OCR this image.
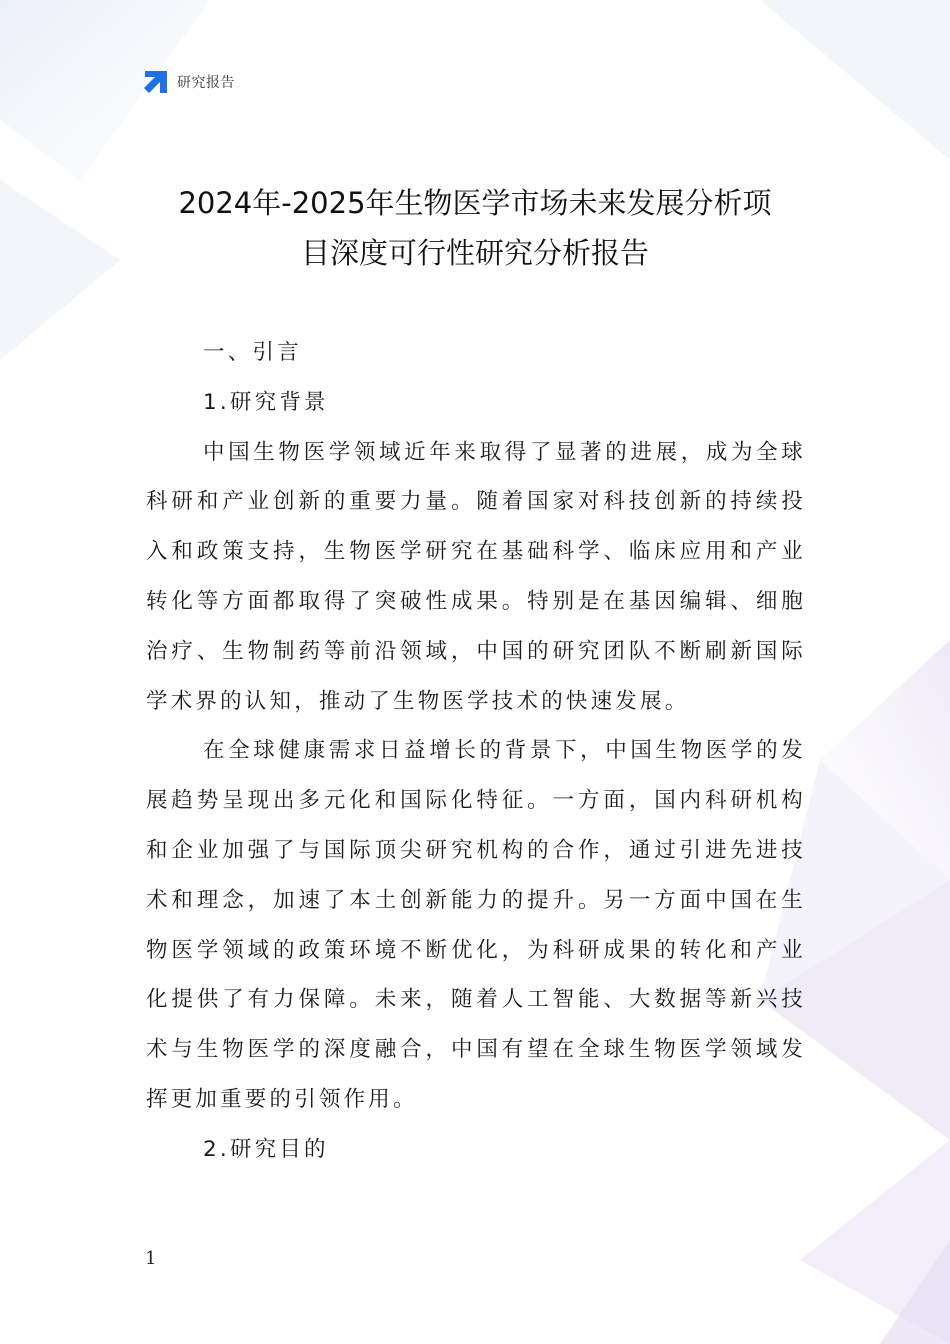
研究报告
2024年-2025年生物医学市场未来发展分析项
目深度可行性研究分析报告

一、引言

1.研究背景

中国生物医学领域近年来取得了显著的进展，成为全球科研和产业创新的重要力量。随着国家对科技创新的持续投入和政策支持，生物医学研究在基础科学、临床应用和产业转化等方面都取得了突破性成果。特别是在基因编辑、细胞治疗、生物制药等前沿领域，中国的研究团队不断刷新国际学术界的认知，推动了生物医学技术的快速发展。

在全球健康需求日益增长的背景下，中国生物医学的发展趋势呈现出多元化和国际化特征。一方面，国内科研机构和企业加强了与国际顶尖研究机构的合作，通过引进先进技术和理念，加速了本土创新能力的提升。另一方面中国在生物医学领域的政策环境不断优化，为科研成果的转化和产业化提供了有力保障。未来，随着人工智能、大数据等新兴技术与生物医学的深度融合，中国有望在全球生物医学领域发挥更加重要的引领作用。

2.研究目的

1
